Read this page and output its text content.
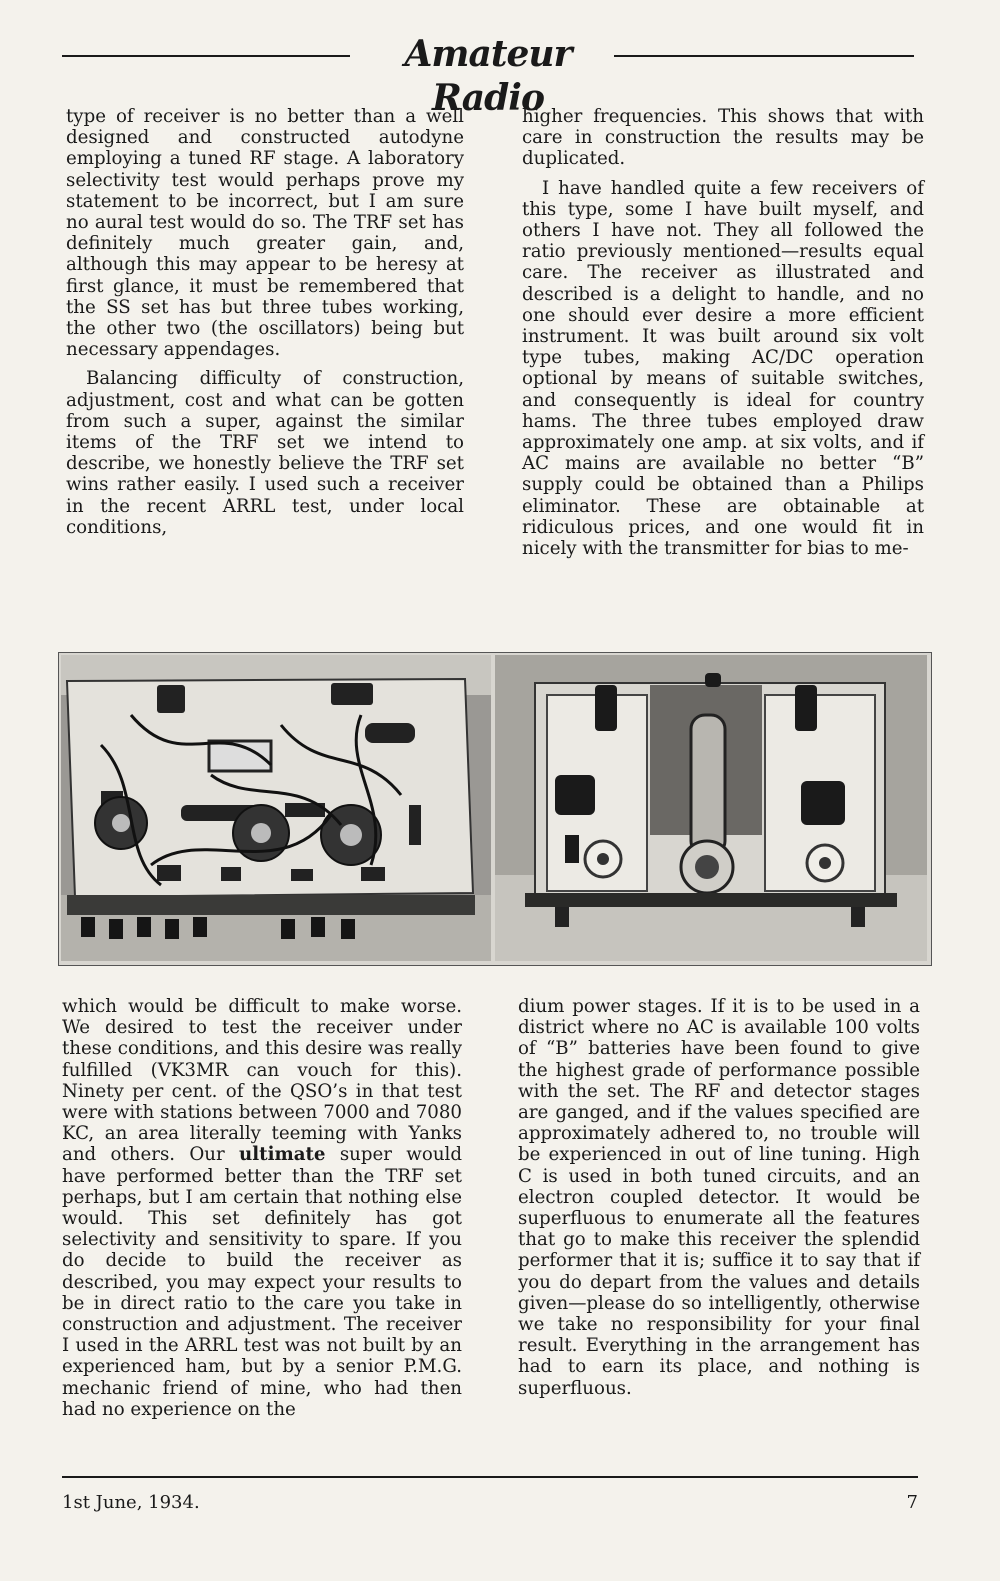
Amateur Radio

type of receiver is no better than a well designed and constructed autodyne employing a tuned RF stage. A laboratory selectivity test would perhaps prove my statement to be incorrect, but I am sure no aural test would do so. The TRF set has definitely much greater gain, and, although this may appear to be heresy at first glance, it must be remembered that the SS set has but three tubes working, the other two (the oscillators) being but necessary appendages.

Balancing difficulty of construction, adjustment, cost and what can be gotten from such a super, against the similar items of the TRF set we intend to describe, we honestly believe the TRF set wins rather easily. I used such a receiver in the recent ARRL test, under local conditions,

higher frequencies. This shows that with care in construction the results may be duplicated.

I have handled quite a few receivers of this type, some I have built myself, and others I have not. They all followed the ratio previously mentioned—results equal care. The receiver as illustrated and described is a delight to handle, and no one should ever desire a more efficient instrument. It was built around six volt type tubes, making AC/DC operation optional by means of suitable switches, and consequently is ideal for country hams. The three tubes employed draw approximately one amp. at six volts, and if AC mains are available no better “B” supply could be obtained than a Philips eliminator. These are obtainable at ridiculous prices, and one would fit in nicely with the transmitter for bias to me-

which would be difficult to make worse. We desired to test the receiver under these conditions, and this desire was really fulfilled (VK3MR can vouch for this). Ninety per cent. of the QSO’s in that test were with stations between 7000 and 7080 KC, an area literally teeming with Yanks and others. Our ultimate super would have performed better than the TRF set perhaps, but I am certain that nothing else would. This set definitely has got selectivity and sensitivity to spare. If you do decide to build the receiver as described, you may expect your results to be in direct ratio to the care you take in construction and adjustment. The receiver I used in the ARRL test was not built by an experienced ham, but by a senior P.M.G. mechanic friend of mine, who had then had no experience on the

dium power stages. If it is to be used in a district where no AC is available 100 volts of “B” batteries have been found to give the highest grade of performance possible with the set. The RF and detector stages are ganged, and if the values specified are approximately adhered to, no trouble will be experienced in out of line tuning. High C is used in both tuned circuits, and an electron coupled detector. It would be superfluous to enumerate all the features that go to make this receiver the splendid performer that it is; suffice it to say that if you do depart from the values and details given—please do so intelligently, otherwise we take no responsibility for your final result. Everything in the arrangement has had to earn its place, and nothing is superfluous.

1st June, 1934.	7
